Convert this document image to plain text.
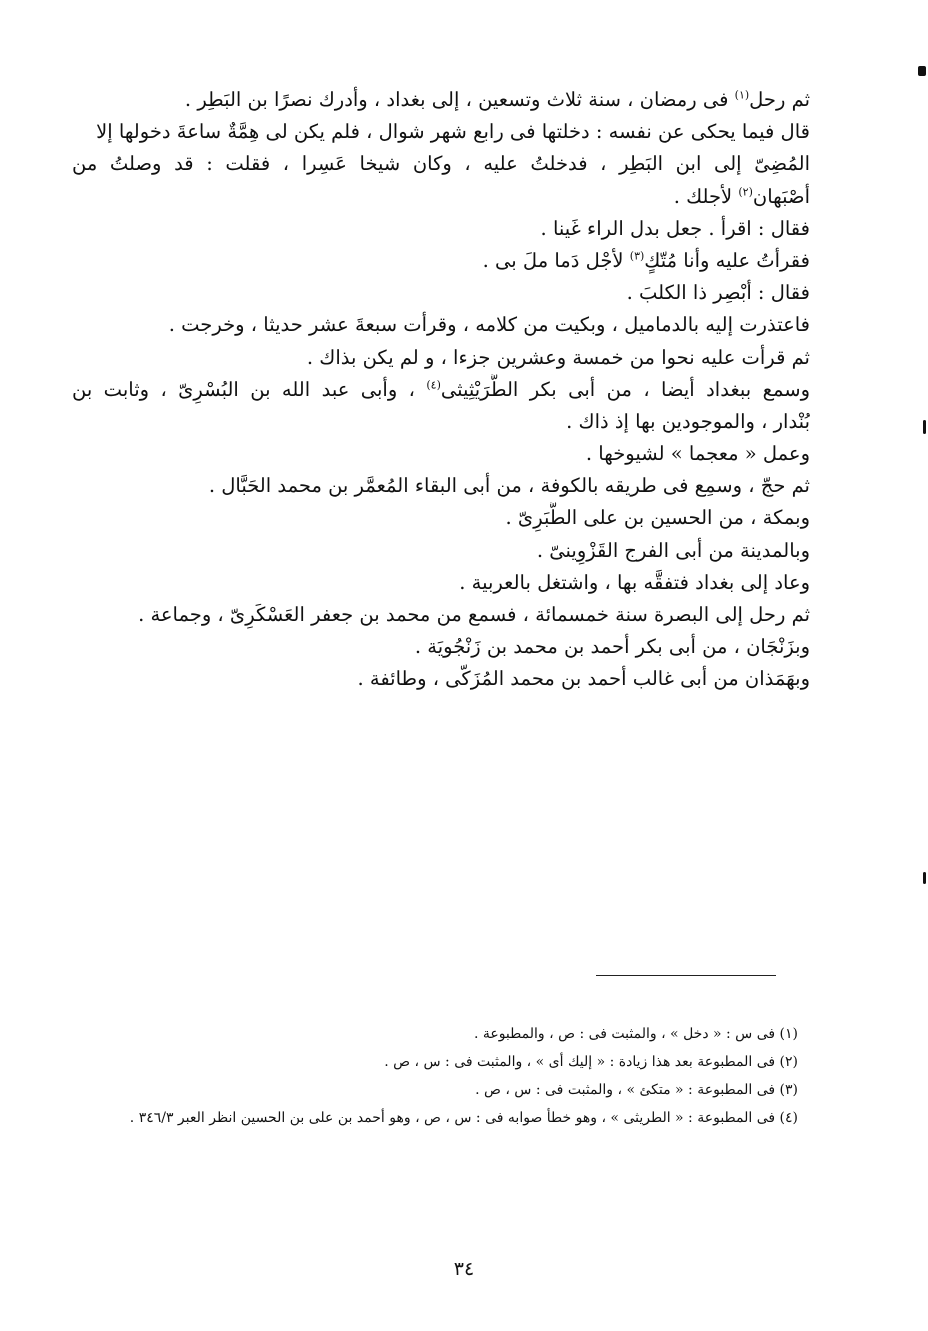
ثم رحل$^{(١)}$ فى رمضان ، سنة ثلاث وتسعين ، إلى بغداد ، وأدرك نصرًا بن البَطِر .
قال فيما يحكى عن نفسه : دخلتها فى رابع شهر شوال ، فلم يكن لى هِمَّةٌ ساعةَ دخولها إلا
المُضِىّ إلى ابن البَطِر ، فدخلتُ عليه ، وكان شيخا عَسِرا ، فقلت : قد وصلتُ من
أصْبَهان$^{(٢)}$ لأجلك .
فقال : اقرأ . جعل بدل الراء غَينا .
فقرأتُ عليه وأنا مُتّكٍ$^{(٣)}$ لأجْل دَما ملَ بى .
فقال : أبْصِر ذا الكلبَ .
فاعتذرت إليه بالدماميل ، وبكيت من كلامه ، وقرأت سبعةَ عشر حديثا ، وخرجت .
ثم قرأت عليه نحوا من خمسة وعشرين جزءا ، و لم يكن بذاك .
وسمع ببغداد أيضا ، من أبى بكر الطُّرَيْثِيثى$^{(٤)}$ ، وأبى عبد الله بن البُسْرِىّ ، وثابت بن
بُنْدار ، والموجودين بها إذ ذاك .
وعمل « معجما » لشيوخها .
ثم حجّ ، وسمِع فى طريقه بالكوفة ، من أبى البقاء المُعمَّر بن محمد الحَبَّال .
وبمكة ، من الحسين بن على الطَّبَرِىّ .
وبالمدينة من أبى الفرج القَزْوِينىّ .
وعاد إلى بغداد فتفقَّه بها ، واشتغل بالعربية .
ثم رحل إلى البصرة سنة خمسمائة ، فسمع من محمد بن جعفر العَسْكَرِىّ ، وجماعة .
وبزَنْجَان ، من أبى بكر أحمد بن محمد بن زَنْجُويَة .
وبهَمَذان من أبى غالب أحمد بن محمد المُزَكّى ، وطائفة .
(١) فى س : « دخل » ، والمثبت فى : ص ، والمطبوعة .
(٢) فى المطبوعة بعد هذا زيادة : « إليك أى » ، والمثبت فى : س ، ص .
(٣) فى المطبوعة : « متكئ » ، والمثبت فى : س ، ص .
(٤) فى المطبوعة : « الطريثى » ، وهو خطأ صوابه فى : س ، ص ، وهو أحمد بن على بن الحسين انظر العبر ٣٤٦/٣ .
٣٤
